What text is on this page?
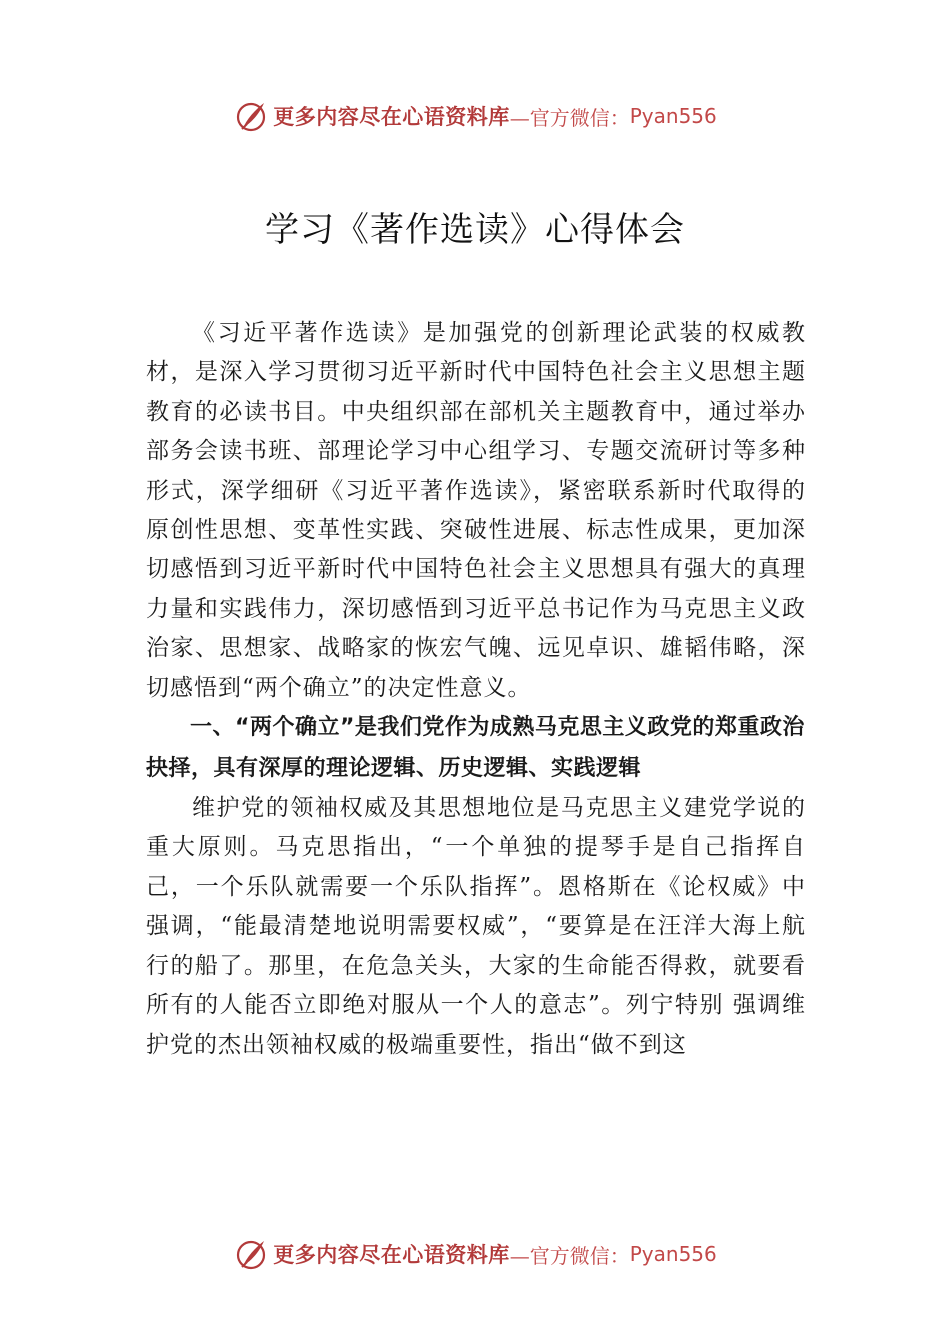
更多内容尽在心语资料库 —官方微信： Pyan556
学习《著作选读》心得体会

《习近平著作选读》是加强党的创新理论武装的权威教材，是深入学习贯彻习近平新时代中国特色社会主义思想主题教育的必读书目。中央组织部在部机关主题教育中，通过举办部务会读书班、部理论学习中心组学习、专题交流研讨等多种形式，深学细研《习近平著作选读》，紧密联系新时代取得的原创性思想、变革性实践、突破性进展、标志性成果，更加深切感悟到习近平新时代中国特色社会主义思想具有强大的真理力量和实践伟力，深切感悟到习近平总书记作为马克思主义政治家、思想家、战略家的恢宏气魄、远见卓识、雄韬伟略，深切感悟到“两个确立”的决定性意义。

一、“两个确立”是我们党作为成熟马克思主义政党的郑重政治抉择，具有深厚的理论逻辑、历史逻辑、实践逻辑

维护党的领袖权威及其思想地位是马克思主义建党学说的重大原则。马克思指出，“一个单独的提琴手是自己指挥自己，一个乐队就需要一个乐队指挥”。恩格斯在《论权威》中强调，“能最清楚地说明需要权威”，“要算是在汪洋大海上航行的船了。那里，在危急关头，大家的生命能否得救，就要看所有的人能否立即绝对服从一个人的意志”。列宁特别 强调维护党的杰出领袖权威的极端重要性，指出“做不到这

更多内容尽在心语资料库 —官方微信： Pyan556
